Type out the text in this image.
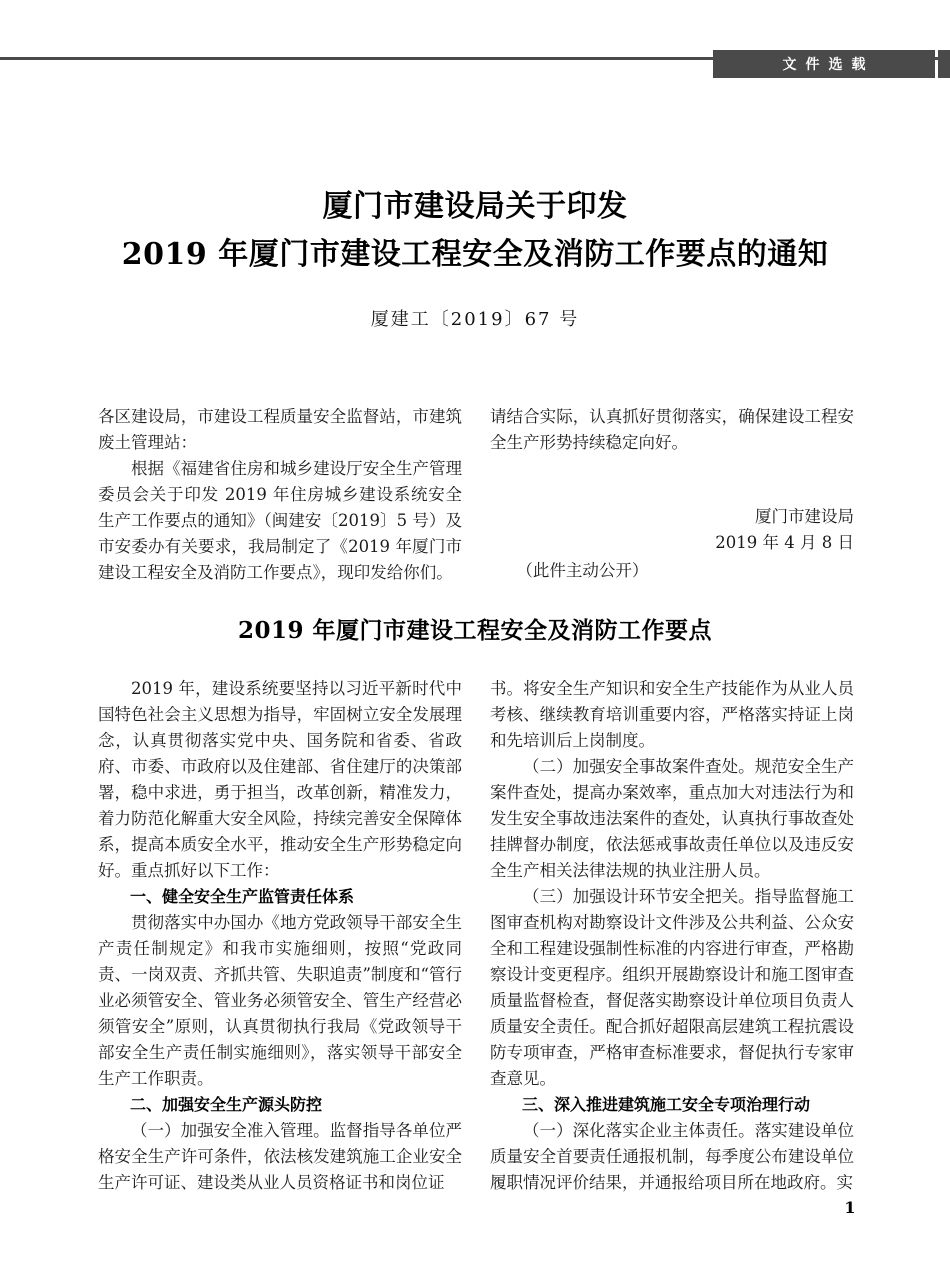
文件选载
厦门市建设局关于印发
2019 年厦门市建设工程安全及消防工作要点的通知
厦建工〔2019〕67 号

各区建设局，市建设工程质量安全监督站，市建筑废土管理站：

根据《福建省住房和城乡建设厅安全生产管理委员会关于印发 2019 年住房城乡建设系统安全生产工作要点的通知》（闽建安〔2019〕5 号）及市安委办有关要求，我局制定了《2019 年厦门市建设工程安全及消防工作要点》，现印发给你们。

请结合实际，认真抓好贯彻落实，确保建设工程安全生产形势持续稳定向好。

厦门市建设局
2019 年 4 月 8 日
（此件主动公开）
2019 年厦门市建设工程安全及消防工作要点

2019 年，建设系统要坚持以习近平新时代中国特色社会主义思想为指导，牢固树立安全发展理念，认真贯彻落实党中央、国务院和省委、省政府、市委、市政府以及住建部、省住建厅的决策部署，稳中求进，勇于担当，改革创新，精准发力，着力防范化解重大安全风险，持续完善安全保障体系，提高本质安全水平，推动安全生产形势稳定向好。重点抓好以下工作：

一、健全安全生产监管责任体系

贯彻落实中办国办《地方党政领导干部安全生产责任制规定》和我市实施细则，按照“党政同责、一岗双责、齐抓共管、失职追责”制度和“管行业必须管安全、管业务必须管安全、管生产经营必须管安全”原则，认真贯彻执行我局《党政领导干部安全生产责任制实施细则》，落实领导干部安全生产工作职责。

二、加强安全生产源头防控

（一）加强安全准入管理。监督指导各单位严格安全生产许可条件，依法核发建筑施工企业安全生产许可证、建设类从业人员资格证书和岗位证

书。将安全生产知识和安全生产技能作为从业人员考核、继续教育培训重要内容，严格落实持证上岗和先培训后上岗制度。

（二）加强安全事故案件查处。规范安全生产案件查处，提高办案效率，重点加大对违法行为和发生安全事故违法案件的查处，认真执行事故查处挂牌督办制度，依法惩戒事故责任单位以及违反安全生产相关法律法规的执业注册人员。

（三）加强设计环节安全把关。指导监督施工图审查机构对勘察设计文件涉及公共利益、公众安全和工程建设强制性标准的内容进行审查，严格勘察设计变更程序。组织开展勘察设计和施工图审查质量监督检查，督促落实勘察设计单位项目负责人质量安全责任。配合抓好超限高层建筑工程抗震设防专项审查，严格审查标准要求，督促执行专家审查意见。

三、深入推进建筑施工安全专项治理行动

（一）深化落实企业主体责任。落实建设单位质量安全首要责任通报机制，每季度公布建设单位履职情况评价结果，并通报给项目所在地政府。实

1
